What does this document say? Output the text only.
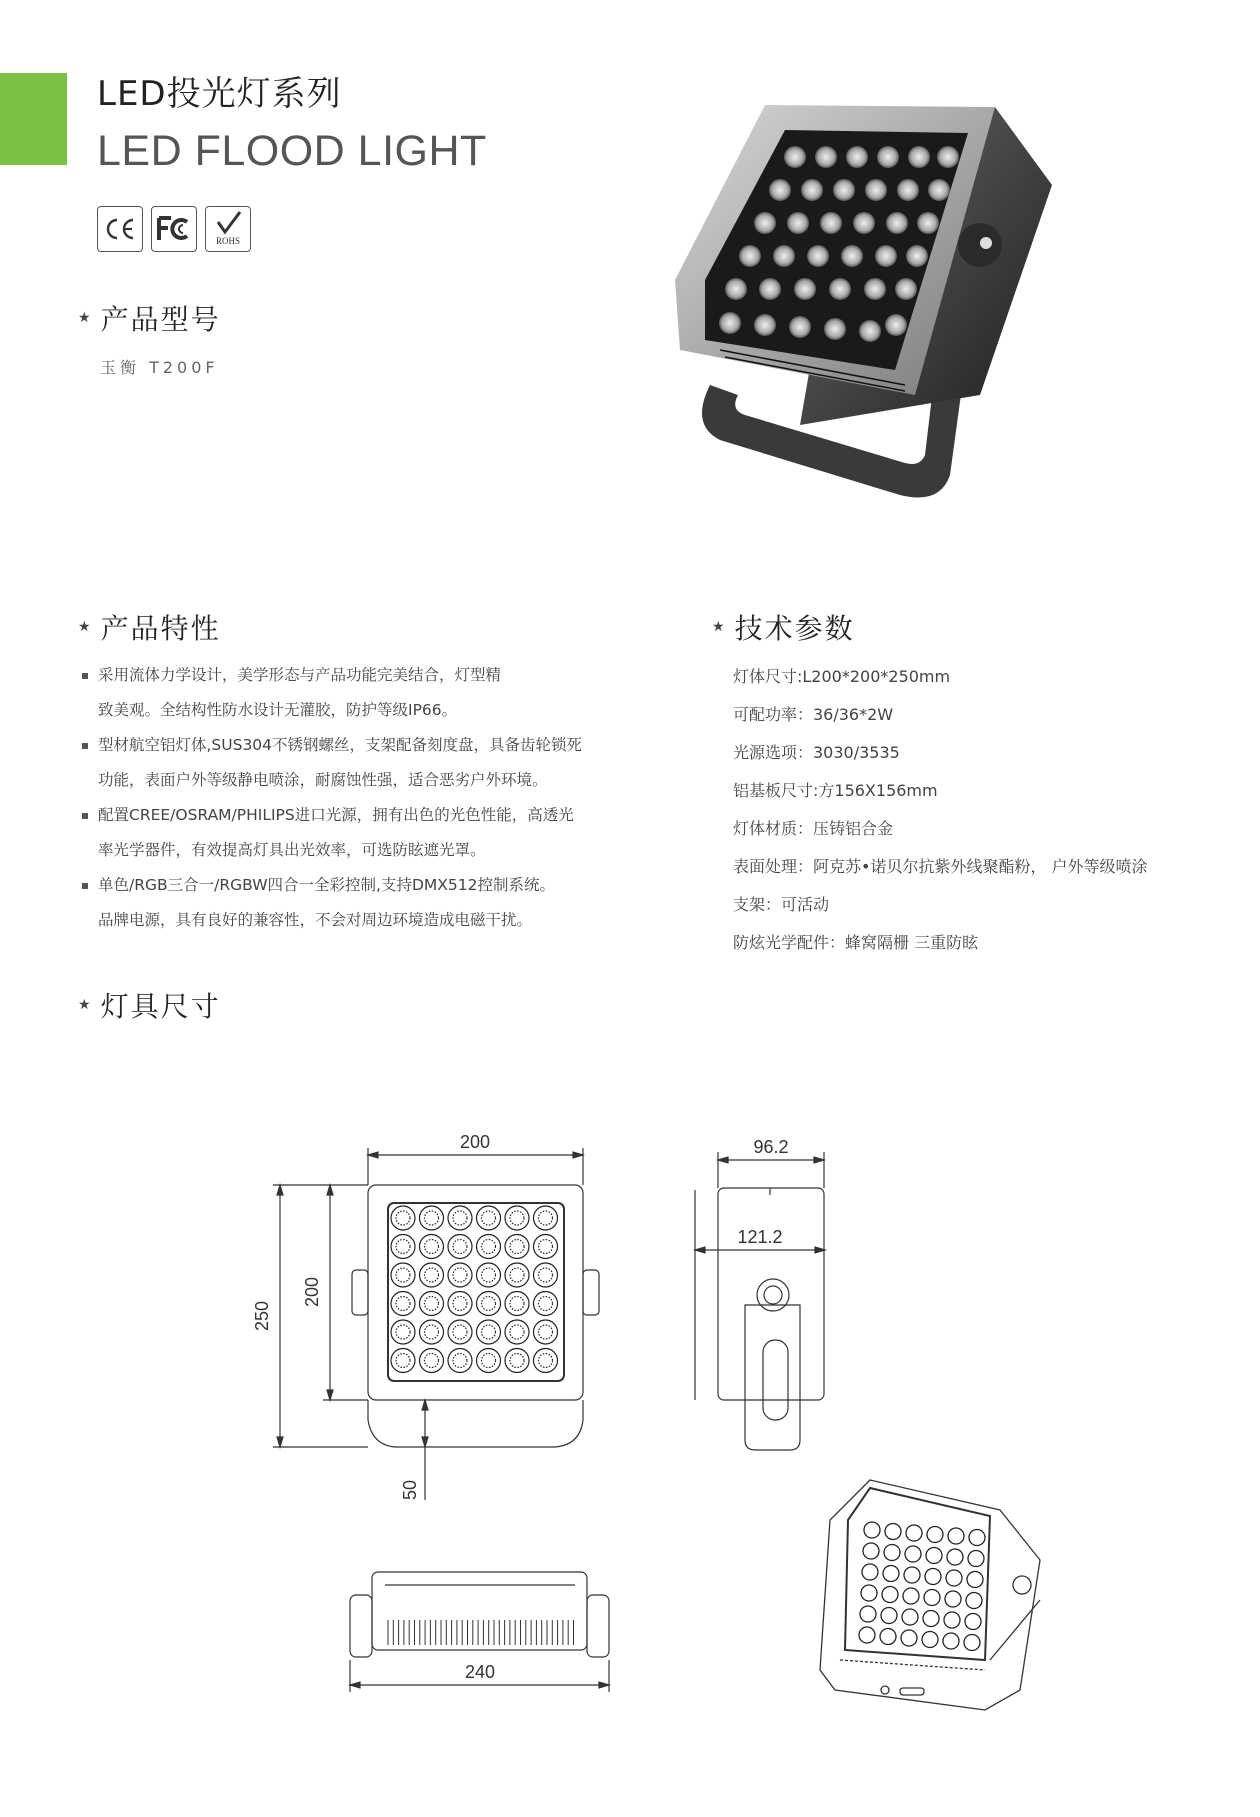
LED投光灯系列
LED FLOOD LIGHT
ROHS
★ 产品型号
玉衡 T200F
★ 产品特性
采用流体力学设计，美学形态与产品功能完美结合，灯型精
致美观。全结构性防水设计无灌胶，防护等级IP66。
型材航空铝灯体,SUS304不锈钢螺丝，支架配备刻度盘，具备齿轮锁死
功能，表面户外等级静电喷涂，耐腐蚀性强，适合恶劣户外环境。
配置CREE/OSRAM/PHILIPS进口光源，拥有出色的光色性能，高透光
率光学器件，有效提高灯具出光效率，可选防眩遮光罩。
单色/RGB三合一/RGBW四合一全彩控制,支持DMX512控制系统。
品牌电源，具有良好的兼容性，不会对周边环境造成电磁干扰。
★ 技术参数
灯体尺寸:L200*200*250mm
可配功率：36/36*2W
光源选项：3030/3535
铝基板尺寸:方156X156mm
灯体材质：压铸铝合金
表面处理：阿克苏•诺贝尔抗紫外线聚酯粉， 户外等级喷涂
支架：可活动
防炫光学配件：蜂窝隔栅 三重防眩
★ 灯具尺寸
200
250
200
50
96.2
121.2
240
